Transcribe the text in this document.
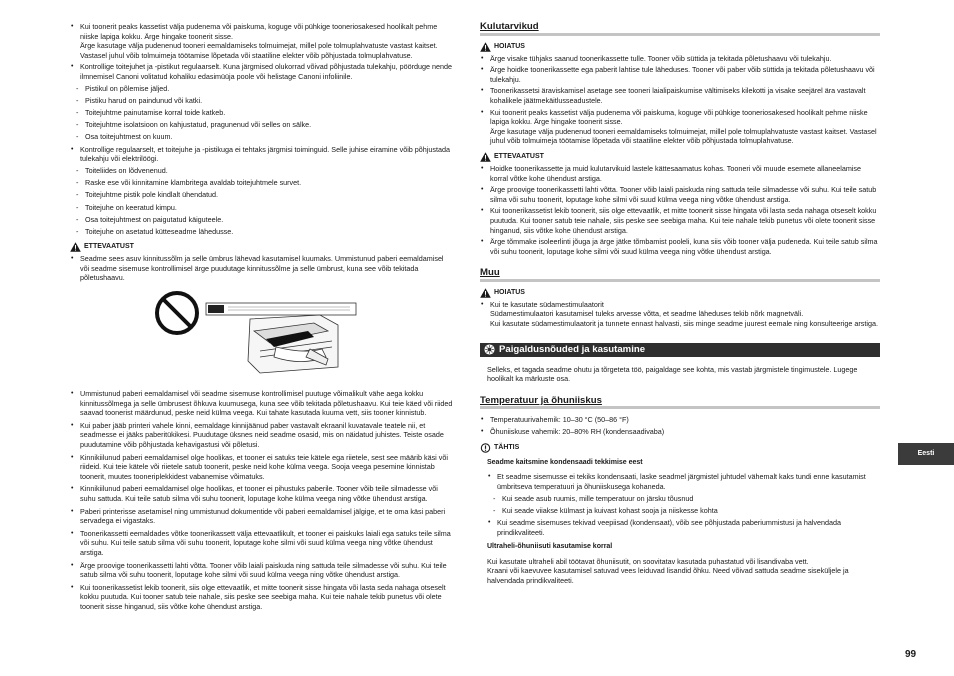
• Kui toonerit peaks kassetist välja pudenema või paiskuma, koguge või pühkige tooneriosakesed hoolikalt pehme niiske lapiga kokku. Ärge hingake toonerit sisse.
Ärge kasutage välja pudenenud tooneri eemaldamiseks tolmuimejat, millel pole tolmuplahvatuste vastast kaitset. Vastasel juhul võib tolmuimeja töötamise lõpetada või staatiline elekter võib põhjustada tolmuplahvatuse.
• Kontrollige toitejuhet ja -pistikut regulaarselt. Kuna järgmised olukorrad võivad põhjustada tulekahju, pöörduge nende ilmnemisel Canoni volitatud kohaliku edasimüüja poole või helistage Canoni infoliinile.
- Pistikul on põlemise jäljed.
- Pistiku harud on paindunud või katki.
- Toitejuhtme painutamise korral toide katkeb.
- Toitejuhtme isolatsioon on kahjustatud, pragunenud või selles on sälke.
- Osa toitejuhtmest on kuum.
• Kontrollige regulaarselt, et toitejuhe ja -pistikuga ei tehtaks järgmisi toiminguid. Selle juhise eiramine võib põhjustada tulekahju või elektrilöögi.
- Toiteliides on lõdvenenud.
- Raske ese või kinnitamine klambritega avaldab toitejuhtmele survet.
- Toitejuhtme pistik pole kindlalt ühendatud.
- Toitejuhe on keeratud kimpu.
- Osa toitejuhtmest on paigutatud käiguteele.
- Toitejuhe on asetatud kütteseadme lähedusse.
ETTEVAATUST
• Seadme sees asuv kinnitussõlm ja selle ümbrus lähevad kasutamisel kuumaks. Ummistunud paberi eemaldamisel või seadme sisemuse kontrollimisel ärge puudutage kinnitussõlme ja selle ümbrust, kuna see võib tekitada põletushaavu.
• Ummistunud paberi eemaldamisel või seadme sisemuse kontrollimisel puutuge võimalikult vähe aega kokku kinnitussõlmega ja selle ümbrusest õhkuva kuumusega, kuna see võib tekitada põletushaavu. Kui teie käed või riided saavad toonerist määrdunud, peske neid külma veega. Kui tahate kasutada kuuma vett, siis tooner kinnistub.
• Kui paber jääb printeri vahele kinni, eemaldage kinnijäänud paber vastavalt ekraanil kuvatavale teatele nii, et seadmesse ei jääks paberitükikesi. Puudutage üksnes neid seadme osasid, mis on näidatud juhistes. Teiste osade puudutamine võib põhjustada kehavigastusi või põletusi.
• Kinnikiilunud paberi eemaldamisel olge hoolikas, et tooner ei satuks teie kätele ega riietele, sest see määrib käsi või riideid. Kui teie kätele või riietele satub toonerit, peske neid kohe külma veega. Sooja veega pesemine kinnistab toonerit, muutes tooneriplekkidest vabanemise võimatuks.
• Kinnikiilunud paberi eemaldamisel olge hoolikas, et tooner ei pihustuks paberile. Tooner võib teile silmadesse või suhu sattuda. Kui teile satub silma või suhu toonerit, loputage kohe külma veega ning võtke ühendust arstiga.
• Paberi printerisse asetamisel ning ummistunud dokumentide või paberi eemaldamisel jälgige, et te oma käsi paberi servadega ei vigastaks.
• Toonerikassetti eemaldades võtke toonerikassett välja ettevaatlikult, et tooner ei paiskuks laiali ega satuks teile silma või suhu. Kui teile satub silma või suhu toonerit, loputage kohe silmi või suud külma veega ning võtke ühendust arstiga.
• Ärge proovige toonerikassetti lahti võtta. Tooner võib laiali paiskuda ning sattuda teile silmadesse või suhu. Kui teile satub silma või suhu toonerit, loputage kohe silmi või suud külma veega ning võtke ühendust arstiga.
• Kui toonerikassetist lekib toonerit, siis olge ettevaatlik, et mitte toonerit sisse hingata või lasta seda nahaga otseselt kokku puutuda. Kui tooner satub teie nahale, siis peske see seebiga maha. Kui teie nahale tekib punetus või olete toonerit sisse hinganud, siis võtke kohe ühendust arstiga.
Kulutarvikud
HOIATUS
• Ärge visake tühjaks saanud toonerikassette tulle. Tooner võib süttida ja tekitada põletushaavu või tulekahju.
• Ärge hoidke toonerikassette ega paberit lahtise tule läheduses. Tooner või paber võib süttida ja tekitada põletushaavu või tulekahju.
• Toonerikassetsi äraviskamisel asetage see tooneri laialipaiskumise vältimiseks kilekotti ja visake seejärel ära vastavalt kohalikele jäätmekäitlusseadustele.
• Kui toonerit peaks kassetist välja pudenema või paiskuma, koguge või pühkige tooneriosakesed hoolikalt pehme niiske lapiga kokku. Ärge hingake toonerit sisse.
Ärge kasutage välja pudenenud tooneri eemaldamiseks tolmuimejat, millel pole tolmuplahvatuste vastast kaitset. Vastasel juhul võib tolmuimeja töötamise lõpetada või staatiline elekter võib põhjustada tolmuplahvatuse.
ETTEVAATUST
• Hoidke toonerikassette ja muid kulutarvikuid lastele kättesaamatus kohas. Tooneri või muude esemete allaneelamise korral võtke kohe ühendust arstiga.
• Ärge proovige toonerikassetti lahti võtta. Tooner võib laiali paiskuda ning sattuda teile silmadesse või suhu. Kui teile satub silma või suhu toonerit, loputage kohe silmi või suud külma veega ning võtke ühendust arstiga.
• Kui toonerikassetist lekib toonerit, siis olge ettevaatlik, et mitte toonerit sisse hingata või lasta seda nahaga otseselt kokku puutuda. Kui tooner satub teie nahale, siis peske see seebiga maha. Kui teie nahale tekib punetus või olete toonerit sisse hinganud, siis võtke kohe ühendust arstiga.
• Ärge tõmmake isoleerlinti jõuga ja ärge jätke tõmbamist pooleli, kuna siis võib tooner välja pudeneda. Kui teile satub silma või suhu toonerit, loputage kohe silmi või suud külma veega ning võtke ühendust arstiga.
Muu
HOIATUS
• Kui te kasutate südamestimulaatorit
Südamestimulaatori kasutamisel tuleks arvesse võtta, et seadme läheduses tekib nõrk magnetväli.
Kui kasutate südamestimulaatorit ja tunnete ennast halvasti, siis minge seadme juurest eemale ning konsulteerige arstiga.
Paigaldusnõuded ja kasutamine
Selleks, et tagada seadme ohutu ja tõrgeteta töö, paigaldage see kohta, mis vastab järgmistele tingimustele. Lugege hoolikalt ka märkuste osa.
Temperatuur ja õhuniiskus
• Temperatuurivahemik: 10–30 °C (50–86 °F)
• Õhuniiskuse vahemik: 20–80% RH (kondensaadivaba)
TÄHTIS
Seadme kaitsmine kondensaadi tekkimise eest
• Et seadme sisemusse ei tekiks kondensaati, laske seadmel järgmistel juhtudel vähemalt kaks tundi enne kasutamist ümbritseva temperatuuri ja õhuniiskusega kohaneda.
- Kui seade asub ruumis, mille temperatuur on järsku tõusnud
- Kui seade viiakse külmast ja kuivast kohast sooja ja niiskesse kohta
• Kui seadme sisemuses tekivad veepiisad (kondensaat), võib see põhjustada paberiummistusi ja halvendada prindikvaliteeti.
Ultraheli-õhuniisuti kasutamise korral
Kui kasutate ultraheli abil töötavat õhuniisutit, on soovitatav kasutada puhastatud või lisandivaba vett.
Kraani või kaevuvee kasutamisel satuvad vees leiduvad lisandid õhku. Need võivad sattuda seadme siseküljele ja halvendada prindikvaliteeti.
Eesti
99
